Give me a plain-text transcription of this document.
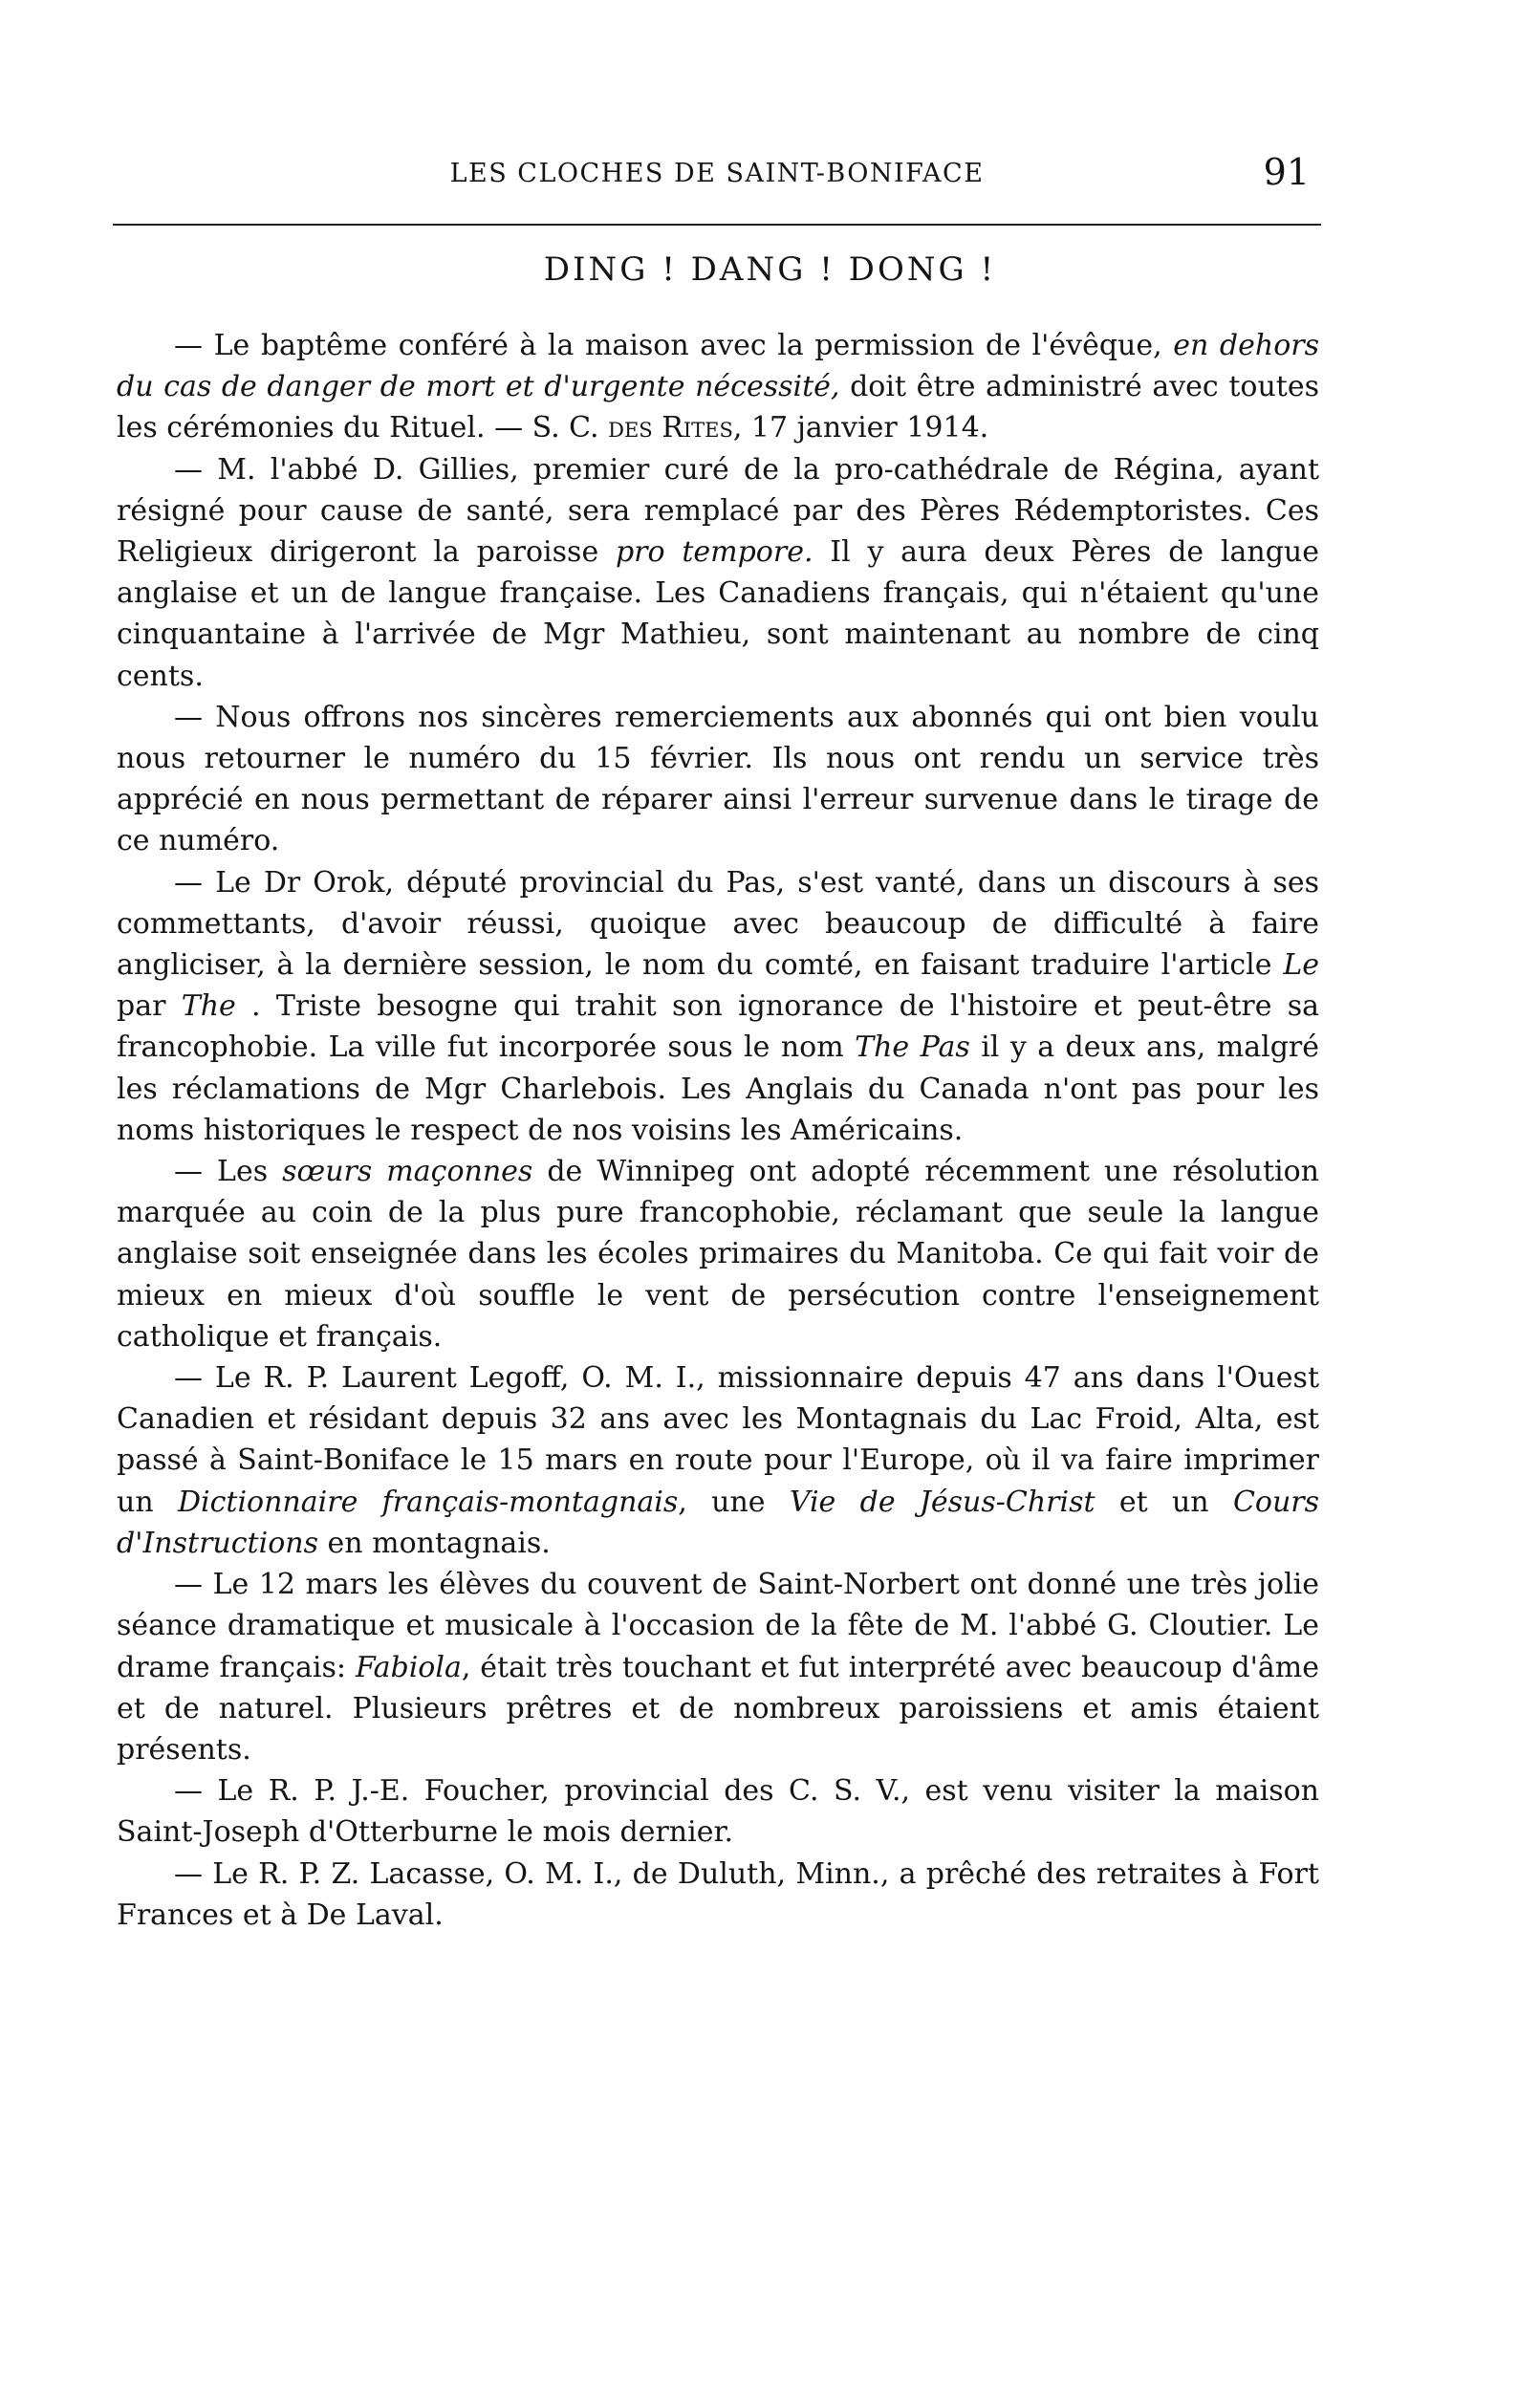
LES CLOCHES DE SAINT-BONIFACE	91
DING ! DANG ! DONG !

— Le baptême conféré à la maison avec la permission de l'évêque, en dehors du cas de danger de mort et d'urgente nécessité, doit être administré avec toutes les cérémonies du Rituel. — S. C. des Rites, 17 janvier 1914.

— M. l'abbé D. Gillies, premier curé de la pro-cathédrale de Régina, ayant résigné pour cause de santé, sera remplacé par des Pères Rédemptoristes. Ces Religieux dirigeront la paroisse pro tempore. Il y aura deux Pères de langue anglaise et un de langue française. Les Canadiens français, qui n'étaient qu'une cinquantaine à l'arrivée de Mgr Mathieu, sont maintenant au nombre de cinq cents.

— Nous offrons nos sincères remerciements aux abonnés qui ont bien voulu nous retourner le numéro du 15 février. Ils nous ont rendu un service très apprécié en nous permettant de réparer ainsi l'erreur survenue dans le tirage de ce numéro.

— Le Dr Orok, député provincial du Pas, s'est vanté, dans un discours à ses commettants, d'avoir réussi, quoique avec beaucoup de difficulté à faire angliciser, à la dernière session, le nom du comté, en faisant traduire l'article Le par The . Triste besogne qui trahit son ignorance de l'histoire et peut-être sa francophobie. La ville fut incorporée sous le nom The Pas il y a deux ans, malgré les réclamations de Mgr Charlebois. Les Anglais du Canada n'ont pas pour les noms historiques le respect de nos voisins les Américains.

— Les sœurs maçonnes de Winnipeg ont adopté récemment une résolution marquée au coin de la plus pure francophobie, réclamant que seule la langue anglaise soit enseignée dans les écoles primaires du Manitoba. Ce qui fait voir de mieux en mieux d'où souffle le vent de persécution contre l'enseignement catholique et français.

— Le R. P. Laurent Legoff, O. M. I., missionnaire depuis 47 ans dans l'Ouest Canadien et résidant depuis 32 ans avec les Montagnais du Lac Froid, Alta, est passé à Saint-Boniface le 15 mars en route pour l'Europe, où il va faire imprimer un Dictionnaire français-montagnais, une Vie de Jésus-Christ et un Cours d'Instructions en montagnais.

— Le 12 mars les élèves du couvent de Saint-Norbert ont donné une très jolie séance dramatique et musicale à l'occasion de la fête de M. l'abbé G. Cloutier. Le drame français: Fabiola, était très touchant et fut interprété avec beaucoup d'âme et de naturel. Plusieurs prêtres et de nombreux paroissiens et amis étaient présents.

— Le R. P. J.-E. Foucher, provincial des C. S. V., est venu visiter la maison Saint-Joseph d'Otterburne le mois dernier.

— Le R. P. Z. Lacasse, O. M. I., de Duluth, Minn., a prêché des retraites à Fort Frances et à De Laval.
